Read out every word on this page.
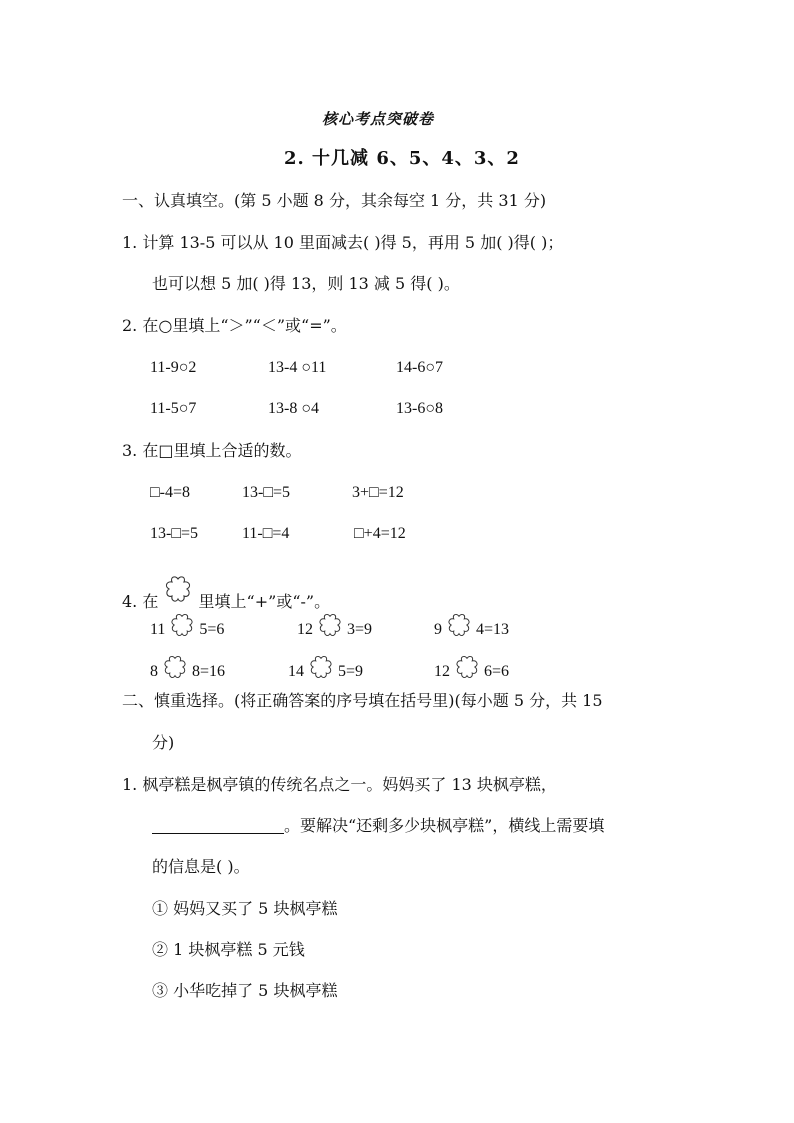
核心考点突破卷
2. 十几减 6、5、4、3、2
一、认真填空。(第 5 小题 8 分，其余每空 1 分，共 31 分)
1. 计算 13-5 可以从 10 里面减去( )得 5，再用 5 加( )得( )；
也可以想 5 加( )得 13，则 13 减 5 得( )。
2. 在○里填上“＞”“＜”或“=”。
11-9○2	13-4 ○11	14-6○7
11-5○7	13-8 ○4	13-6○8
3. 在□里填上合适的数。
□-4=8	13-□=5	3+□=12
13-□=5	11-□=4	□+4=12
4. 在	里填上“+”或“-”。
11 5=6	12 3=9	9 4=13
8 8=16	14 5=9	12 6=6
二、慎重选择。(将正确答案的序号填在括号里)(每小题 5 分，共 15
分)
1. 枫亭糕是枫亭镇的传统名点之一。妈妈买了 13 块枫亭糕，
。要解决“还剩多少块枫亭糕”，横线上需要填
的信息是( )。
① 妈妈又买了 5 块枫亭糕
② 1 块枫亭糕 5 元钱
③ 小华吃掉了 5 块枫亭糕
